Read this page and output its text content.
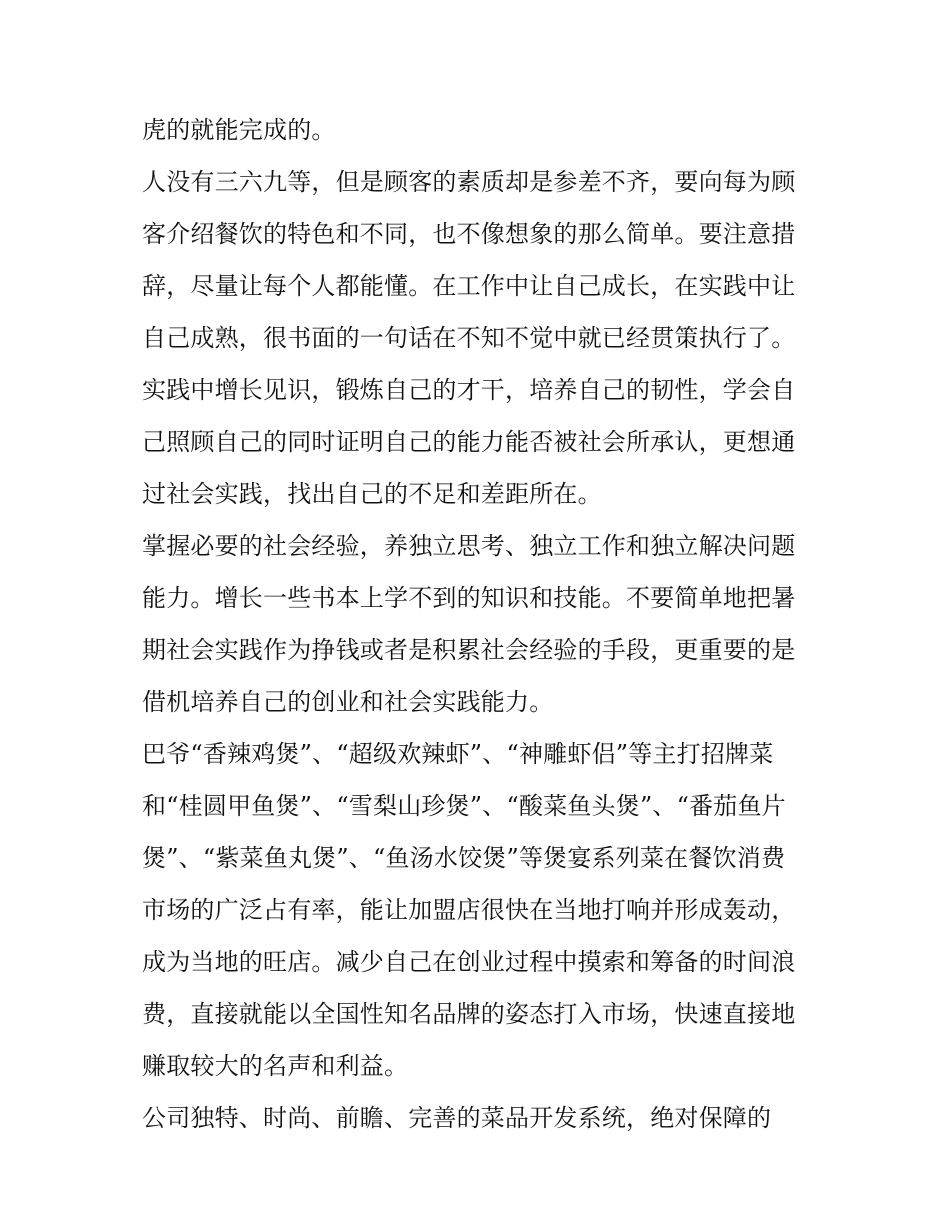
虎的就能完成的。
人没有三六九等，但是顾客的素质却是参差不齐，要向每为顾
客介绍餐饮的特色和不同，也不像想象的那么简单。要注意措
辞，尽量让每个人都能懂。在工作中让自己成长，在实践中让
自己成熟，很书面的一句话在不知不觉中就已经贯策执行了。
实践中增长见识，锻炼自己的才干，培养自己的韧性，学会自
己照顾自己的同时证明自己的能力能否被社会所承认，更想通
过社会实践，找出自己的不足和差距所在。
掌握必要的社会经验，养独立思考、独立工作和独立解决问题
能力。增长一些书本上学不到的知识和技能。不要简单地把暑
期社会实践作为挣钱或者是积累社会经验的手段，更重要的是
借机培养自己的创业和社会实践能力。
巴爷“香辣鸡煲”、“超级欢辣虾”、“神雕虾侣”等主打招牌菜
和“桂圆甲鱼煲”、“雪梨山珍煲”、“酸菜鱼头煲”、“番茄鱼片
煲”、“紫菜鱼丸煲”、“鱼汤水饺煲”等煲宴系列菜在餐饮消费
市场的广泛占有率，能让加盟店很快在当地打响并形成轰动，
成为当地的旺店。减少自己在创业过程中摸索和筹备的时间浪
费，直接就能以全国性知名品牌的姿态打入市场，快速直接地
赚取较大的名声和利益。
公司独特、时尚、前瞻、完善的菜品开发系统，绝对保障的
